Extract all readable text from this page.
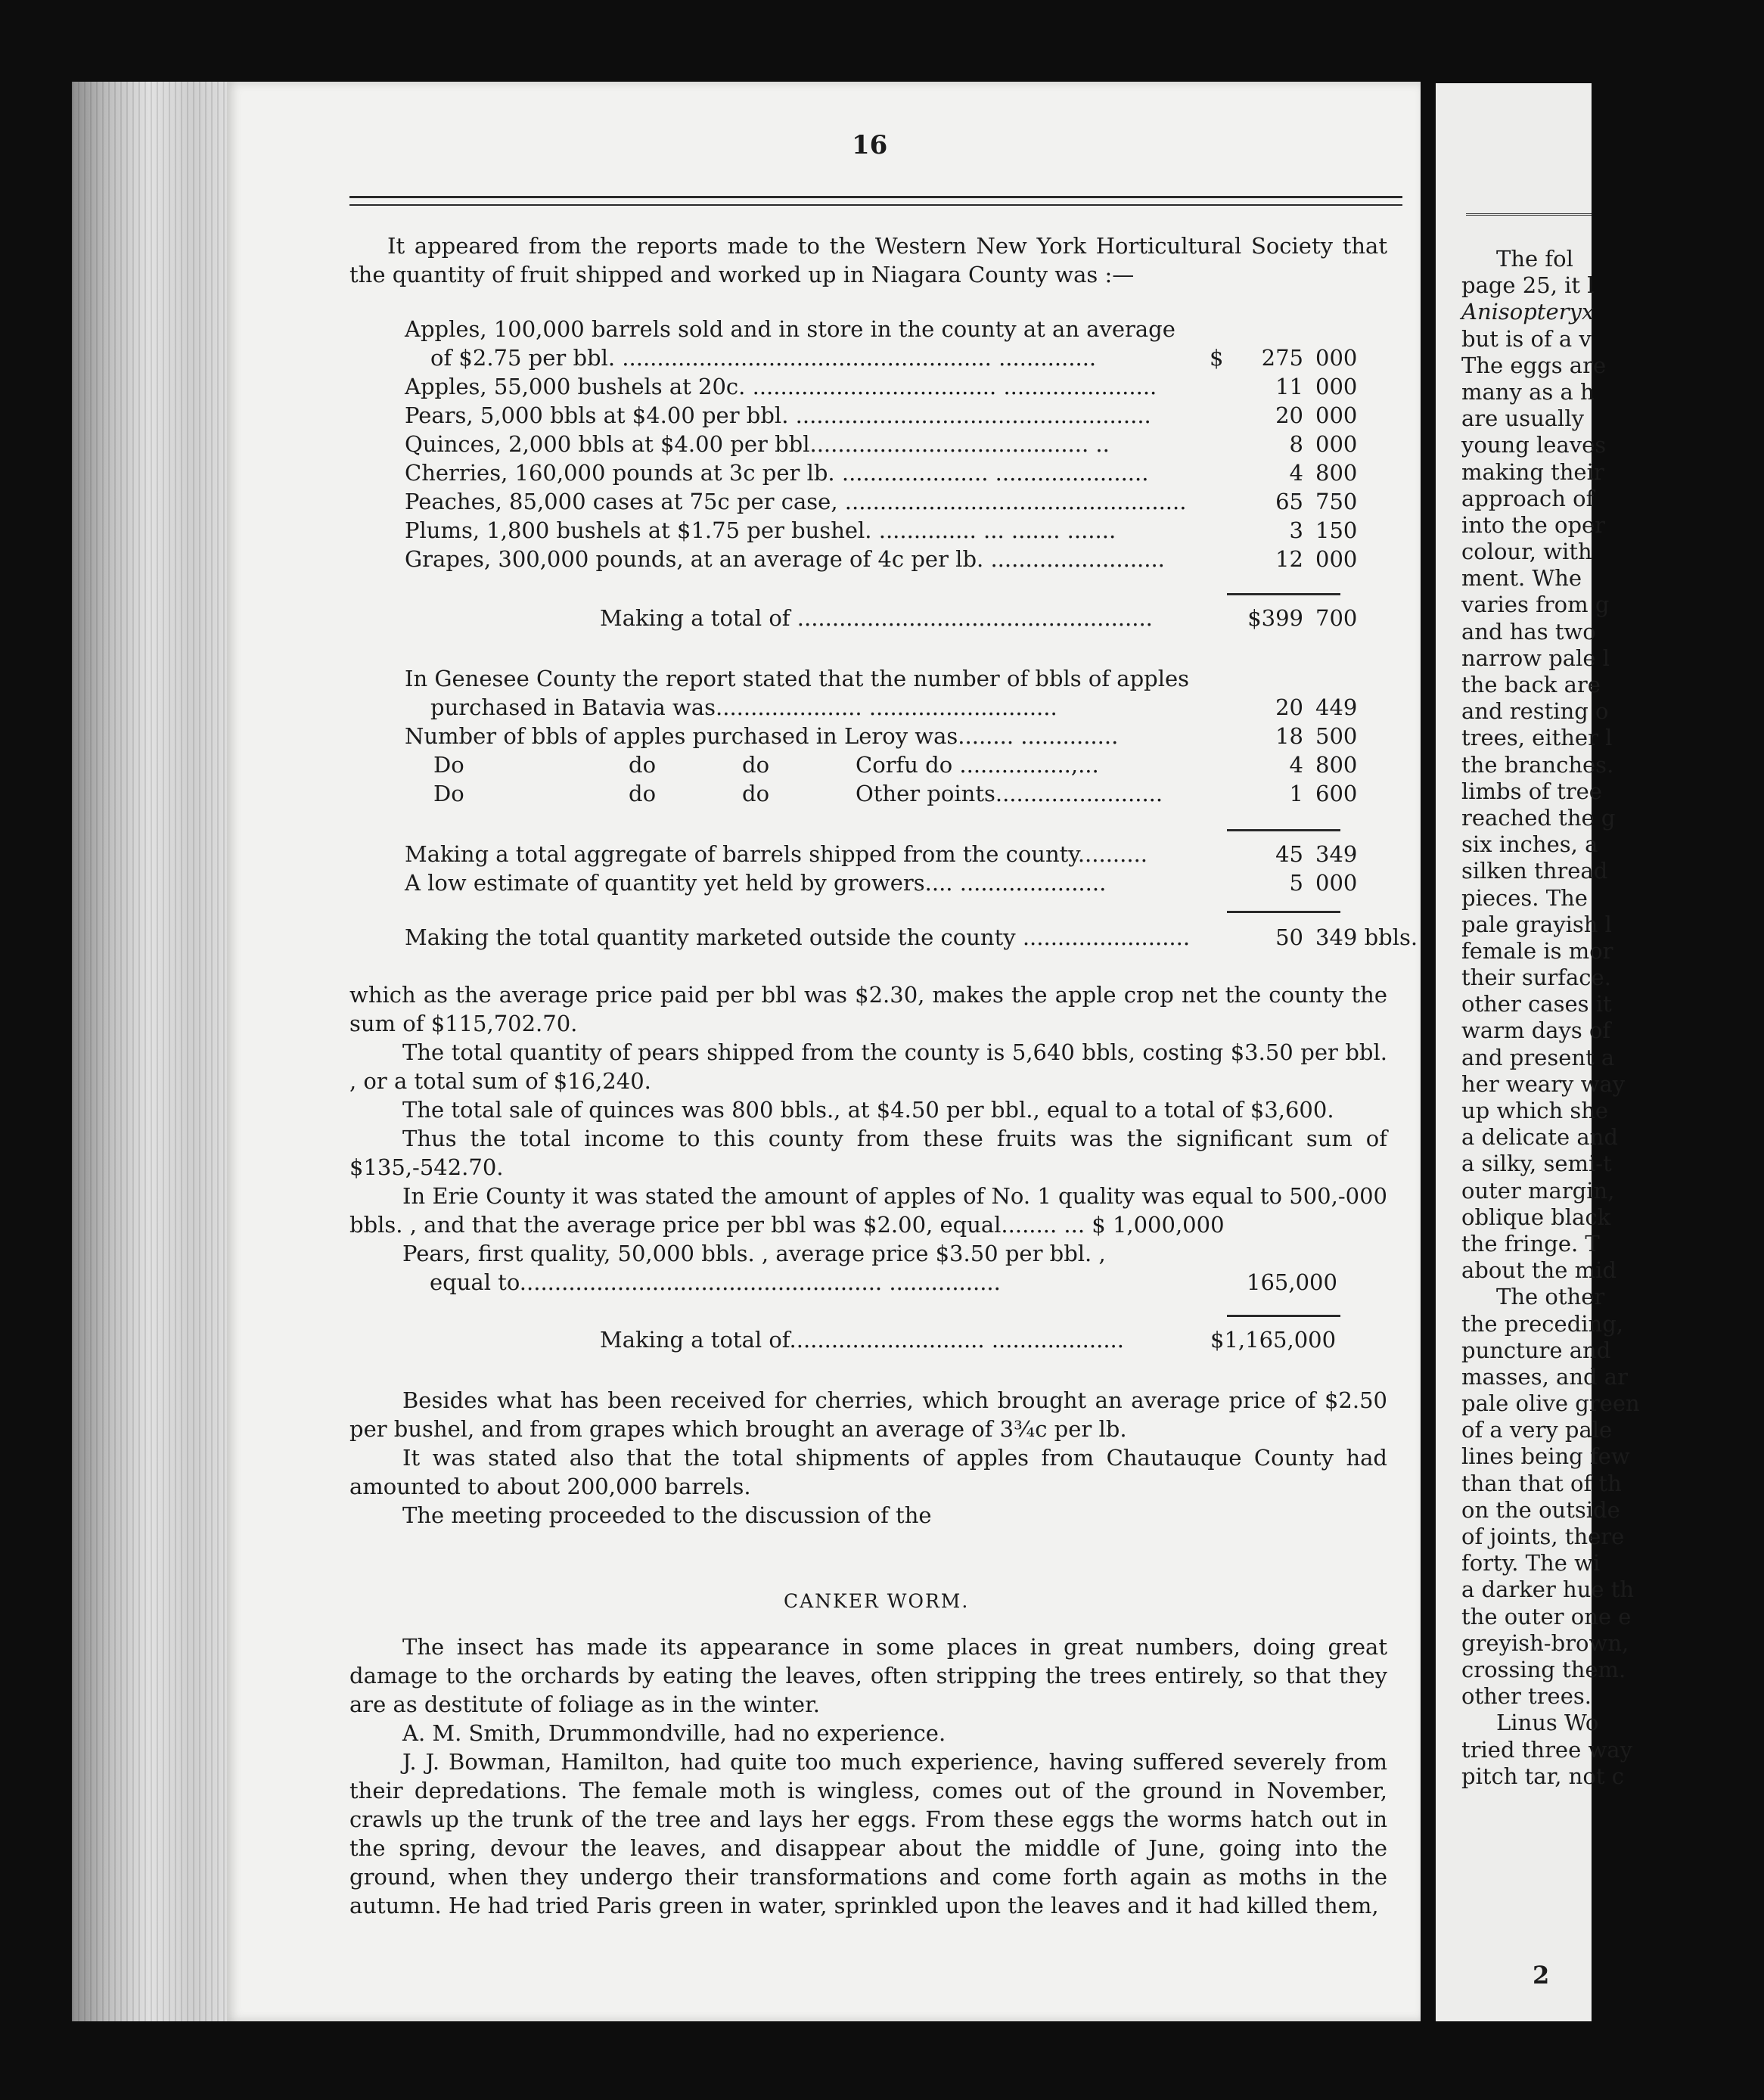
The fol
page 25, it l
Anisopteryx
but is of a v
The eggs are
many as a h
are usually
young leaves
making their
approach of
into the oper
colour, with
ment. Whe
varies from g
and has two
narrow pale l
the back are
and resting o
trees, either l
the branches.
limbs of tree
reached the g
six inches, a
silken thread
pieces. The
pale grayish l
female is mor
their surface.
other cases it
warm days of
and present a
her weary way
up which she
a delicate and
a silky, semi-t
outer margin,
oblique black
the fringe. T
about the mid
The other
the preceding,
puncture and
masses, and ar
pale olive green
of a very pale
lines being few
than that of th
on the outside
of joints, there
forty. The wi
a darker hue th
the outer one e
greyish-brown,
crossing them.
other trees.
Linus Wo
tried three way
pitch tar, not c
2
16
It appeared from the reports made to the Western New York Horticultural Society that the quantity of fruit shipped and worked up in Niagara County was :—
Apples, 100,000 barrels sold and in store in the county at an average
of $2.75 per bbl. ..................................................... ..............	$	275 000
Apples, 55,000 bushels at 20c. ................................... ......................	11 000
Pears, 5,000 bbls at $4.00 per bbl. ...................................................	20 000
Quinces, 2,000 bbls at $4.00 per bbl........................................ ..	8 000
Cherries, 160,000 pounds at 3c per lb. ..................... ......................	4 800
Peaches, 85,000 cases at 75c per case, .................................................	65 750
Plums, 1,800 bushels at $1.75 per bushel. .............. ... ....... .......	3 150
Grapes, 300,000 pounds, at an average of 4c per lb. .........................	12 000
Making a total of ...................................................	$399 700
In Genesee County the report stated that the number of bbls of apples
purchased in Batavia was..................... ...........................	20 449
Number of bbls of apples purchased in Leroy was........ ..............	18 500
Do	do	do	Corfu do ................,...	4 800
Do	do	do	Other points........................	1 600
Making a total aggregate of barrels shipped from the county..........	45 349
A low estimate of quantity yet held by growers.... .....................	5 000
Making the total quantity marketed outside the county ........................	50 349 bbls.
which as the average price paid per bbl was $2.30, makes the apple crop net the county the sum of $115,702.70.
The total quantity of pears shipped from the county is 5,640 bbls, costing $3.50 per bbl. , or a total sum of $16,240.
The total sale of quinces was 800 bbls., at $4.50 per bbl., equal to a total of $3,600.
Thus the total income to this county from these fruits was the significant sum of $135,-542.70.
In Erie County it was stated the amount of apples of No. 1 quality was equal to 500,-000 bbls. , and that the average price per bbl was $2.00, equal........ ... $ 1,000,000
Pears, first quality, 50,000 bbls. , average price $3.50 per bbl. ,
equal to.................................................... ................	165,000
Making a total of............................ ...................	$1,165,000
Besides what has been received for cherries, which brought an average price of $2.50 per bushel, and from grapes which brought an average of 3¾c per lb.
It was stated also that the total shipments of apples from Chautauque County had amounted to about 200,000 barrels.
The meeting proceeded to the discussion of the
CANKER WORM.
The insect has made its appearance in some places in great numbers, doing great damage to the orchards by eating the leaves, often stripping the trees entirely, so that they are as destitute of foliage as in the winter.
A. M. Smith, Drummondville, had no experience.
J. J. Bowman, Hamilton, had quite too much experience, having suffered severely from their depredations. The female moth is wingless, comes out of the ground in November, crawls up the trunk of the tree and lays her eggs. From these eggs the worms hatch out in the spring, devour the leaves, and disappear about the middle of June, going into the ground, when they undergo their transformations and come forth again as moths in the autumn. He had tried Paris green in water, sprinkled upon the leaves and it had killed them,
